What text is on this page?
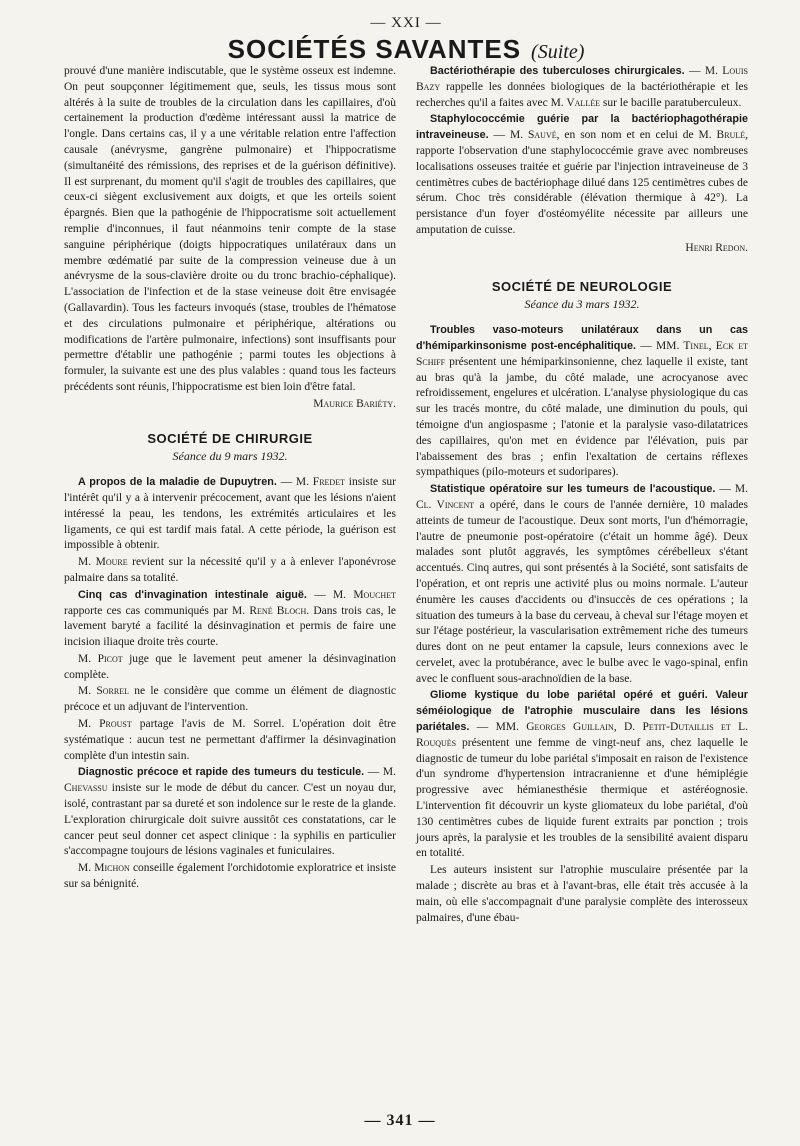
— XXI —
SOCIÉTÉS SAVANTES (Suite)

prouvé d'une manière indiscutable, que le système osseux est indemne. On peut soupçonner légitimement que, seuls, les tissus mous sont altérés à la suite de troubles de la circulation dans les capillaires, d'où certainement la production d'œdème intéressant aussi la matrice de l'ongle. Dans certains cas, il y a une véritable relation entre l'affection causale (anévrysme, gangrène pulmonaire) et l'hippocratisme (simultanéité des rémissions, des reprises et de la guérison définitive). Il est surprenant, du moment qu'il s'agit de troubles des capillaires, que ceux-ci siègent exclusivement aux doigts, et que les orteils soient épargnés. Bien que la pathogénie de l'hippocratisme soit actuellement remplie d'inconnues, il faut néanmoins tenir compte de la stase sanguine périphérique (doigts hippocratiques unilatéraux dans un membre œdématié par suite de la compression veineuse due à un anévrysme de la sous-clavière droite ou du tronc brachio-céphalique). L'association de l'infection et de la stase veineuse doit être envisagée (Gallavardin). Tous les facteurs invoqués (stase, troubles de l'hématose et des circulations pulmonaire et périphérique, altérations ou modifications de l'artère pulmonaire, infections) sont insuffisants pour permettre d'établir une pathogénie ; parmi toutes les objections à formuler, la suivante est une des plus valables : quand tous les facteurs précédents sont réunis, l'hippocratisme est bien loin d'être fatal.

Maurice Bariéty.
SOCIÉTÉ DE CHIRURGIE
Séance du 9 mars 1932.

A propos de la maladie de Dupuytren. — M. Fredet insiste sur l'intérêt qu'il y a à intervenir précocement, avant que les lésions n'aient intéressé la peau, les tendons, les extrémités articulaires et les ligaments, ce qui est tardif mais fatal. A cette période, la guérison est impossible à obtenir.

M. Moure revient sur la nécessité qu'il y a à enlever l'aponévrose palmaire dans sa totalité.

Cinq cas d'invagination intestinale aiguë. — M. Mouchet rapporte ces cas communiqués par M. René Bloch. Dans trois cas, le lavement baryté a facilité la désinvagination et permis de faire une incision iliaque droite très courte.

M. Picot juge que le lavement peut amener la désinvagination complète.

M. Sorrel ne le considère que comme un élément de diagnostic précoce et un adjuvant de l'intervention.

M. Proust partage l'avis de M. Sorrel. L'opération doit être systématique : aucun test ne permettant d'affirmer la désinvagination complète d'un intestin sain.

Diagnostic précoce et rapide des tumeurs du testicule. — M. Chevassu insiste sur le mode de début du cancer. C'est un noyau dur, isolé, contrastant par sa dureté et son indolence sur le reste de la glande. L'exploration chirurgicale doit suivre aussitôt ces constatations, car le cancer peut seul donner cet aspect clinique : la syphilis en particulier s'accompagne toujours de lésions vaginales et funiculaires.

M. Michon conseille également l'orchidotomie exploratrice et insiste sur sa bénignité.

Bactériothérapie des tuberculoses chirurgicales. — M. Louis Bazy rappelle les données biologiques de la bactériothérapie et les recherches qu'il a faites avec M. Vallée sur le bacille paratuberculeux.

Staphylococcémie guérie par la bactériophagothérapie intraveineuse. — M. Sauvé, en son nom et en celui de M. Brulé, rapporte l'observation d'une staphylococcémie grave avec nombreuses localisations osseuses traitée et guérie par l'injection intraveineuse de 3 centimètres cubes de bactériophage dilué dans 125 centimètres cubes de sérum. Choc très considérable (élévation thermique à 42°). La persistance d'un foyer d'ostéomyélite nécessite par ailleurs une amputation de cuisse.

Henri Redon.
SOCIÉTÉ DE NEUROLOGIE
Séance du 3 mars 1932.

Troubles vaso-moteurs unilatéraux dans un cas d'hémiparkinsonisme post-encéphalitique. — MM. Tinel, Eck et Schiff présentent une hémiparkinsonienne, chez laquelle il existe, tant au bras qu'à la jambe, du côté malade, une acrocyanose avec refroidissement, engelures et ulcération. L'analyse physiologique du cas sur les tracés montre, du côté malade, une diminution du pouls, qui témoigne d'un angiospasme ; l'atonie et la paralysie vaso-dilatatrices des capillaires, qu'on met en évidence par l'élévation, puis par l'abaissement des bras ; enfin l'exaltation de certains réflexes sympathiques (pilo-moteurs et sudoripares).

Statistique opératoire sur les tumeurs de l'acoustique. — M. Cl. Vincent a opéré, dans le cours de l'année dernière, 10 malades atteints de tumeur de l'acoustique. Deux sont morts, l'un d'hémorragie, l'autre de pneumonie post-opératoire (c'était un homme âgé). Deux malades sont plutôt aggravés, les symptômes cérébelleux s'étant accentués. Cinq autres, qui sont présentés à la Société, sont satisfaits de l'opération, et ont repris une activité plus ou moins normale. L'auteur énumère les causes d'accidents ou d'insuccès de ces opérations ; la situation des tumeurs à la base du cerveau, à cheval sur l'étage moyen et sur l'étage postérieur, la vascularisation extrêmement riche des tumeurs dures dont on ne peut entamer la capsule, leurs connexions avec le cervelet, avec la protubérance, avec le bulbe avec le vago-spinal, enfin avec le confluent sous-arachnoïdien de la base.

Gliome kystique du lobe pariétal opéré et guéri. Valeur séméiologique de l'atrophie musculaire dans les lésions pariétales. — MM. Georges Guillain, D. Petit-Dutaillis et L. Rouquès présentent une femme de vingt-neuf ans, chez laquelle le diagnostic de tumeur du lobe pariétal s'imposait en raison de l'existence d'un syndrome d'hypertension intracranienne et d'une hémiplégie progressive avec hémianesthésie thermique et astéréognosie. L'intervention fit découvrir un kyste gliomateux du lobe pariétal, d'où 130 centimètres cubes de liquide furent extraits par ponction ; trois jours après, la paralysie et les troubles de la sensibilité avaient disparu en totalité.

Les auteurs insistent sur l'atrophie musculaire présentée par la malade ; discrète au bras et à l'avant-bras, elle était très accusée à la main, où elle s'accompagnait d'une paralysie complète des interosseux palmaires, d'une ébau-

— 341 —
